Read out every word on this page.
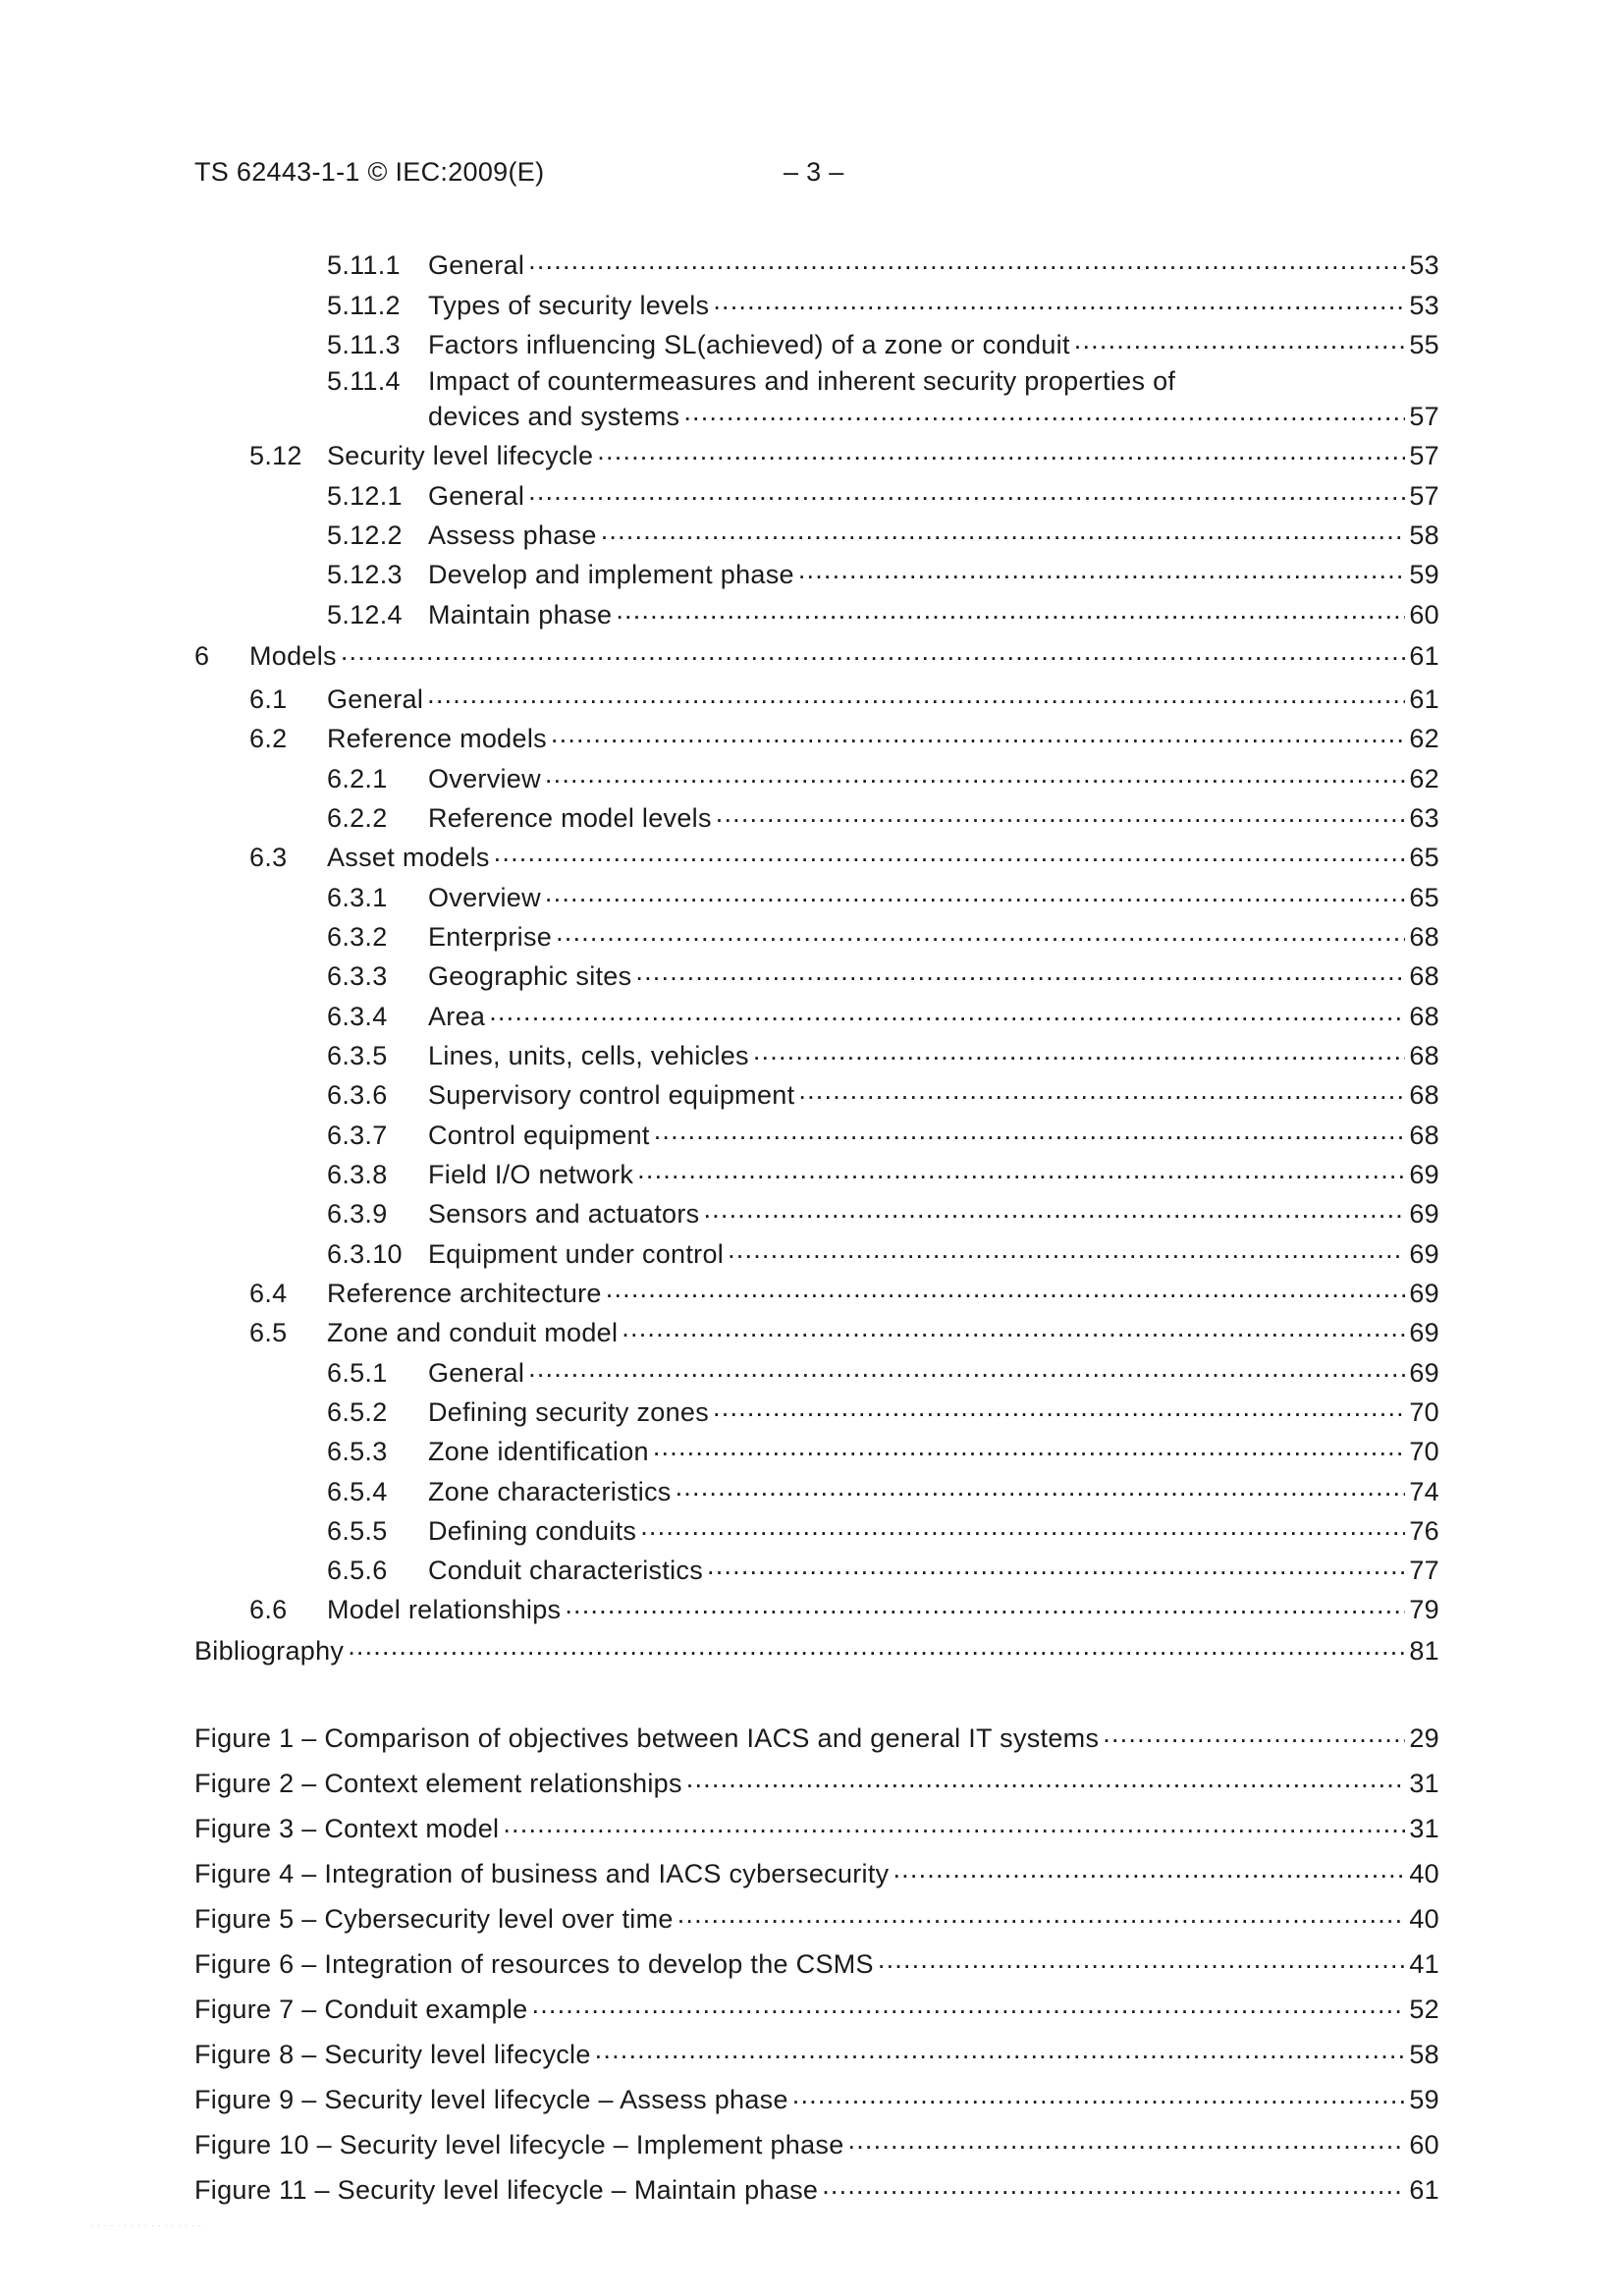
TS 62443-1-1 © IEC:2009(E)	– 3 –
5.11.1	General .....	53
5.11.2	Types of security levels .....	53
5.11.3	Factors influencing SL(achieved) of a zone or conduit .....	55
5.11.4 Impact of countermeasures and inherent security properties of
devices and systems .....	57
5.12 Security level lifecycle .....	57
5.12.1 General .....	57
5.12.2 Assess phase .....	58
5.12.3 Develop and implement phase .....	59
5.12.4 Maintain phase .....	60
6	Models .....	61
6.1	General .....	61
6.2	Reference models .....	62
6.2.1	Overview .....	62
6.2.2	Reference model levels .....	63
6.3	Asset models .....	65
6.3.1	Overview .....	65
6.3.2	Enterprise .....	68
6.3.3	Geographic sites .....	68
6.3.4	Area .....	68
6.3.5	Lines, units, cells, vehicles .....	68
6.3.6	Supervisory control equipment .....	68
6.3.7	Control equipment .....	68
6.3.8	Field I/O network .....	69
6.3.9	Sensors and actuators .....	69
6.3.10 Equipment under control .....	69
6.4	Reference architecture .....	69
6.5	Zone and conduit model .....	69
6.5.1	General .....	69
6.5.2	Defining security zones .....	70
6.5.3	Zone identification .....	70
6.5.4	Zone characteristics .....	74
6.5.5	Defining conduits .....	76
6.5.6	Conduit characteristics .....	77
6.6	Model relationships .....	79
Bibliography .....	81
Figure 1 – Comparison of objectives between IACS and general IT systems .....	29
Figure 2 – Context element relationships .....	31
Figure 3 – Context model .....	31
Figure 4 – Integration of business and IACS cybersecurity .....	40
Figure 5 – Cybersecurity level over time .....	40
Figure 6 – Integration of resources to develop the CSMS .....	41
Figure 7 – Conduit example .....	52
Figure 8 – Security level lifecycle .....	58
Figure 9 – Security level lifecycle – Assess phase .....	59
Figure 10 – Security level lifecycle – Implement phase .....	60
Figure 11 – Security level lifecycle – Maintain phase .....	61
· · · · · · · · · · · · · · · · ·
